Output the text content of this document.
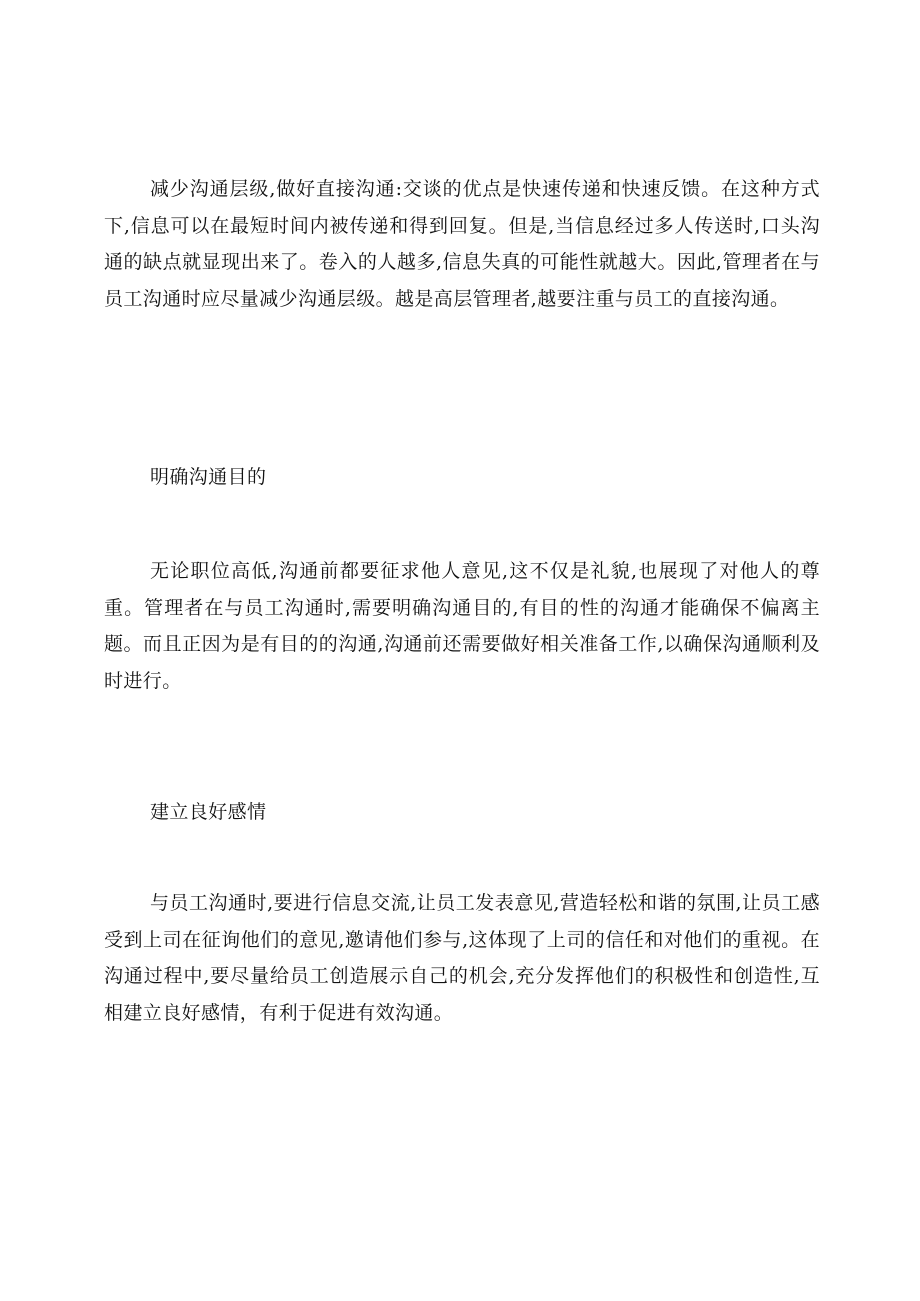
减少沟通层级,做好直接沟通:交谈的优点是快速传递和快速反馈。在这种方式下,信息可以在最短时间内被传递和得到回复。但是,当信息经过多人传送时,口头沟通的缺点就显现出来了。卷入的人越多,信息失真的可能性就越大。因此,管理者在与员工沟通时应尽量减少沟通层级。越是高层管理者,越要注重与员工的直接沟通。

明确沟通目的

无论职位高低,沟通前都要征求他人意见,这不仅是礼貌,也展现了对他人的尊重。管理者在与员工沟通时,需要明确沟通目的,有目的性的沟通才能确保不偏离主题。而且正因为是有目的的沟通,沟通前还需要做好相关准备工作,以确保沟通顺利及时进行。

建立良好感情

与员工沟通时,要进行信息交流,让员工发表意见,营造轻松和谐的氛围,让员工感受到上司在征询他们的意见,邀请他们参与,这体现了上司的信任和对他们的重视。在沟通过程中,要尽量给员工创造展示自己的机会,充分发挥他们的积极性和创造性,互相建立良好感情，有利于促进有效沟通。
